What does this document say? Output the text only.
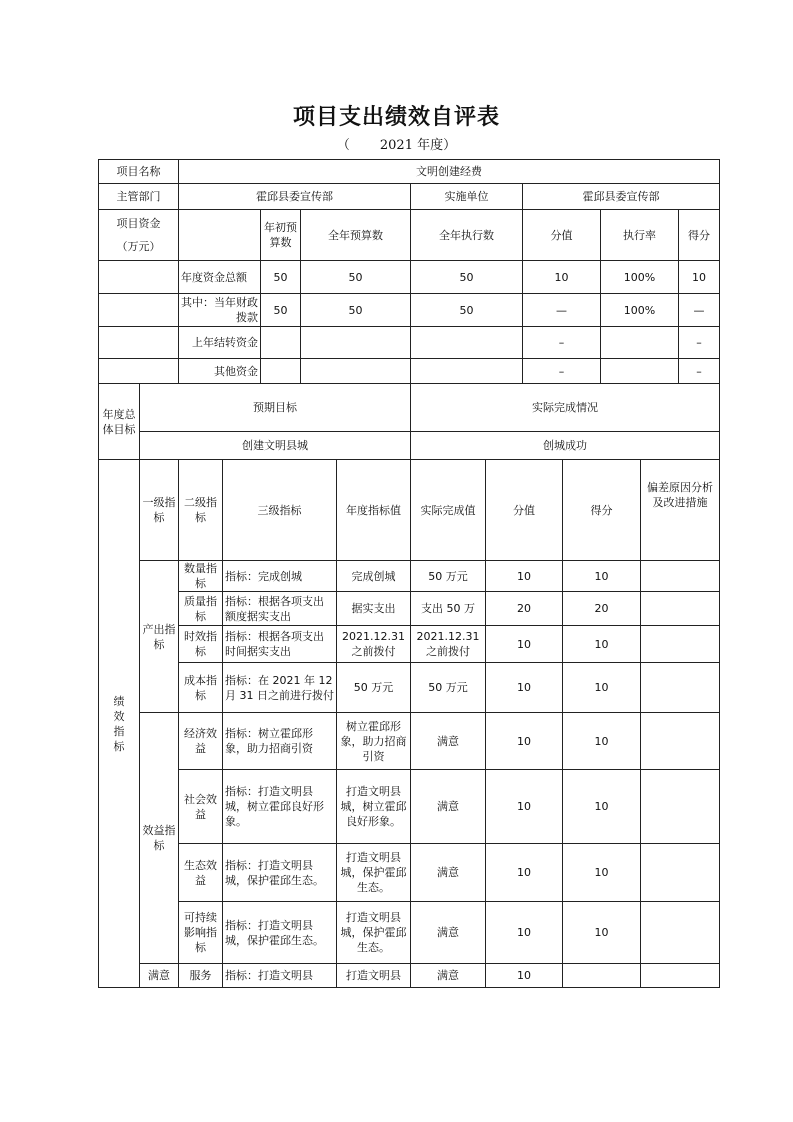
项目支出绩效自评表
（ 2021 年度）
项目名称	文明创建经费						
主管部门	霍邱县委宣传部			实施单位	霍邱县委宣传部		

项目资金
（万元）		年初预算数	全年预算数	全年执行数	分值	执行率	得分
	年度资金总额	50	50	50	10	100%	10
	其中：当年财政拨款	50	50	50	—	100%	—
	上年结转资金				–		–
	其他资金				–		–
年度总体目标	预期目标	实际完成情况
	创建文明县城	创城成功
绩效指标	一级指标	二级指标	三级指标	年度指标值	实际完成值	分值	得分	偏差原因分析及改进措施
	产出指标	数量指标	指标：完成创城	完成创城	50 万元	10	10	
		质量指标	指标：根据各项支出额度据实支出	据实支出	支出 50 万	20	20	
		时效指标	指标：根据各项支出时间据实支出	2021.12.31 之前拨付	2021.12.31 之前拨付	10	10	
		成本指标	指标：在 2021 年 12 月 31 日之前进行拨付	50 万元	50 万元	10	10	
	效益指标	经济效益	指标：树立霍邱形象，助力招商引资	树立霍邱形象，助力招商引资	满意	10	10	
		社会效益	指标：打造文明县城，树立霍邱良好形象。	打造文明县城，树立霍邱良好形象。	满意	10	10	
		生态效益	指标：打造文明县城，保护霍邱生态。	打造文明县城，保护霍邱生态。	满意	10	10	
		可持续影响指标	指标：打造文明县城，保护霍邱生态。	打造文明县城，保护霍邱生态。	满意	10	10	
	满意	服务	指标：打造文明县	打造文明县	满意	10		
